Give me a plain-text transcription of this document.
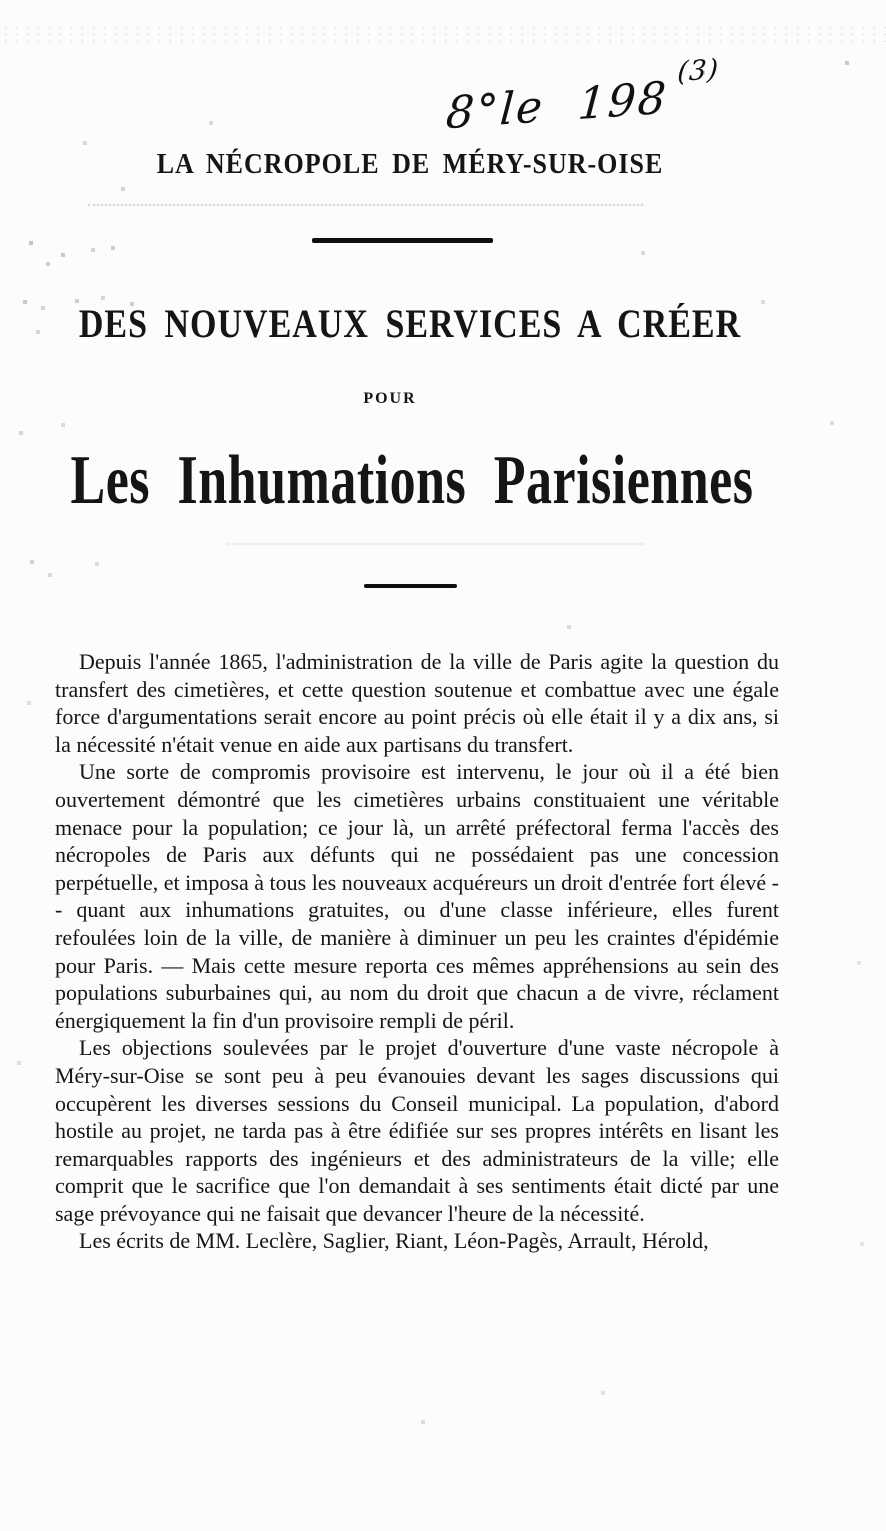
8°le 198$^{(3)}$
LA NÉCROPOLE DE MÉRY-SUR-OISE
DES NOUVEAUX SERVICES A CRÉER
POUR
Les Inhumations Parisiennes

Depuis l'année 1865, l'administration de la ville de Paris agite la question du transfert des cimetières, et cette question soutenue et combattue avec une égale force d'argumentations serait encore au point précis où elle était il y a dix ans, si la nécessité n'était venue en aide aux partisans du transfert.

Une sorte de compromis provisoire est intervenu, le jour où il a été bien ouvertement démontré que les cimetières urbains constituaient une véritable menace pour la population; ce jour là, un arrêté préfectoral ferma l'accès des nécropoles de Paris aux défunts qui ne possédaient pas une concession perpétuelle, et imposa à tous les nouveaux acquéreurs un droit d'entrée fort élevé -- quant aux inhumations gratuites, ou d'une classe inférieure, elles furent refoulées loin de la ville, de manière à diminuer un peu les craintes d'épidémie pour Paris. — Mais cette mesure reporta ces mêmes appréhensions au sein des populations suburbaines qui, au nom du droit que chacun a de vivre, réclament énergiquement la fin d'un provisoire rempli de péril.

Les objections soulevées par le projet d'ouverture d'une vaste nécropole à Méry-sur-Oise se sont peu à peu évanouies devant les sages discussions qui occupèrent les diverses sessions du Conseil municipal. La population, d'abord hostile au projet, ne tarda pas à être édifiée sur ses propres intérêts en lisant les remarquables rapports des ingénieurs et des administrateurs de la ville; elle comprit que le sacrifice que l'on demandait à ses sentiments était dicté par une sage prévoyance qui ne faisait que devancer l'heure de la nécessité.

Les écrits de MM. Leclère, Saglier, Riant, Léon-Pagès, Arrault, Hérold,
